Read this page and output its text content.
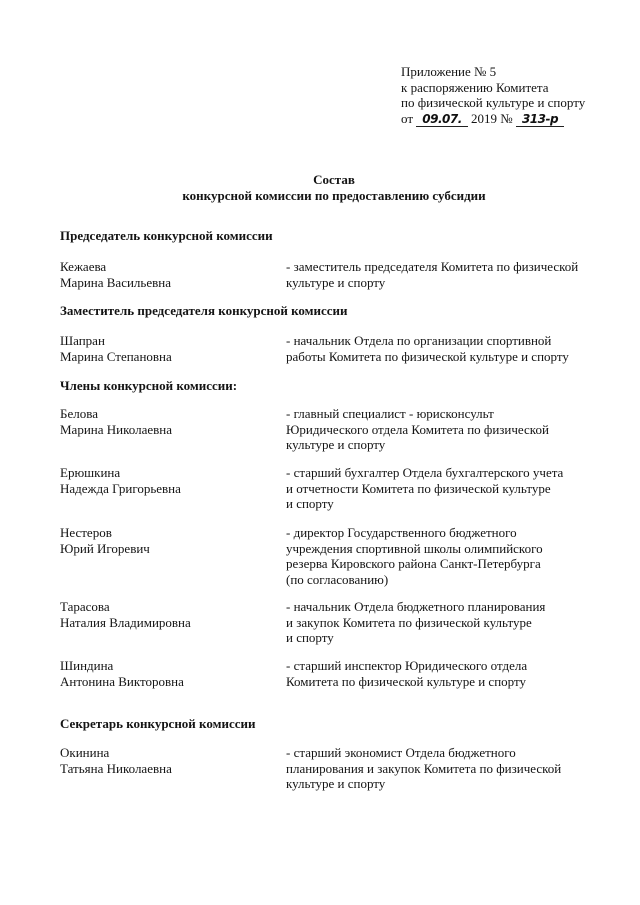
Приложение № 5
к распоряжению Комитета
по физической культуре и спорту
от 09.07. 2019 № 313-р
Состав
конкурсной комиссии по предоставлению субсидии
Председатель конкурсной комиссии
Кежаева
Марина Васильевна
- заместитель председателя Комитета по физической
культуре и спорту
Заместитель председателя конкурсной комиссии
Шапран
Марина Степановна
- начальник Отдела по организации спортивной
работы Комитета по физической культуре и спорту
Члены конкурсной комиссии:
Белова
Марина Николаевна
- главный специалист - юрисконсульт
Юридического отдела Комитета по физической
культуре и спорту
Ерюшкина
Надежда Григорьевна
- старший бухгалтер Отдела бухгалтерского учета
и отчетности Комитета по физической культуре
и спорту
Нестеров
Юрий Игоревич
- директор Государственного бюджетного
учреждения спортивной школы олимпийского
резерва Кировского района Санкт-Петербурга
(по согласованию)
Тарасова
Наталия Владимировна
- начальник Отдела бюджетного планирования
и закупок Комитета по физической культуре
и спорту
Шиндина
Антонина Викторовна
- старший инспектор Юридического отдела
Комитета по физической культуре и спорту
Секретарь конкурсной комиссии
Окинина
Татьяна Николаевна
- старший экономист Отдела бюджетного
планирования и закупок Комитета по физической
культуре и спорту
